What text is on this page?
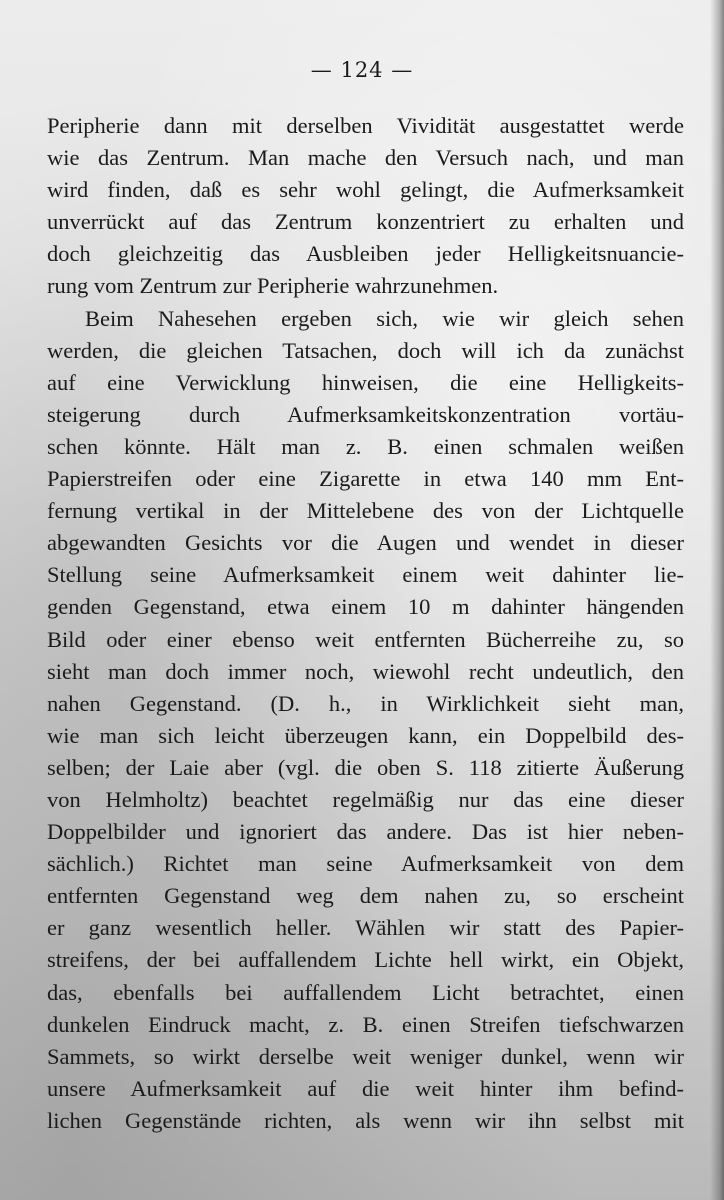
— 124 —
Peripherie dann mit derselben Vividität ausgestattet werde
wie das Zentrum. Man mache den Versuch nach, und man
wird finden, daß es sehr wohl gelingt, die Aufmerksamkeit
unverrückt auf das Zentrum konzentriert zu erhalten und
doch gleichzeitig das Ausbleiben jeder Helligkeitsnuancie-
rung vom Zentrum zur Peripherie wahrzunehmen.
Beim Nahesehen ergeben sich, wie wir gleich sehen
werden, die gleichen Tatsachen, doch will ich da zunächst
auf eine Verwicklung hinweisen, die eine Helligkeits-
steigerung durch Aufmerksamkeitskonzentration vortäu-
schen könnte. Hält man z. B. einen schmalen weißen
Papierstreifen oder eine Zigarette in etwa 140 mm Ent-
fernung vertikal in der Mittelebene des von der Lichtquelle
abgewandten Gesichts vor die Augen und wendet in dieser
Stellung seine Aufmerksamkeit einem weit dahinter lie-
genden Gegenstand, etwa einem 10 m dahinter hängenden
Bild oder einer ebenso weit entfernten Bücherreihe zu, so
sieht man doch immer noch, wiewohl recht undeutlich, den
nahen Gegenstand. (D. h., in Wirklichkeit sieht man,
wie man sich leicht überzeugen kann, ein Doppelbild des-
selben; der Laie aber (vgl. die oben S. 118 zitierte Äußerung
von Helmholtz) beachtet regelmäßig nur das eine dieser
Doppelbilder und ignoriert das andere. Das ist hier neben-
sächlich.) Richtet man seine Aufmerksamkeit von dem
entfernten Gegenstand weg dem nahen zu, so erscheint
er ganz wesentlich heller. Wählen wir statt des Papier-
streifens, der bei auffallendem Lichte hell wirkt, ein Objekt,
das, ebenfalls bei auffallendem Licht betrachtet, einen
dunkelen Eindruck macht, z. B. einen Streifen tiefschwarzen
Sammets, so wirkt derselbe weit weniger dunkel, wenn wir
unsere Aufmerksamkeit auf die weit hinter ihm befind-
lichen Gegenstände richten, als wenn wir ihn selbst mit
